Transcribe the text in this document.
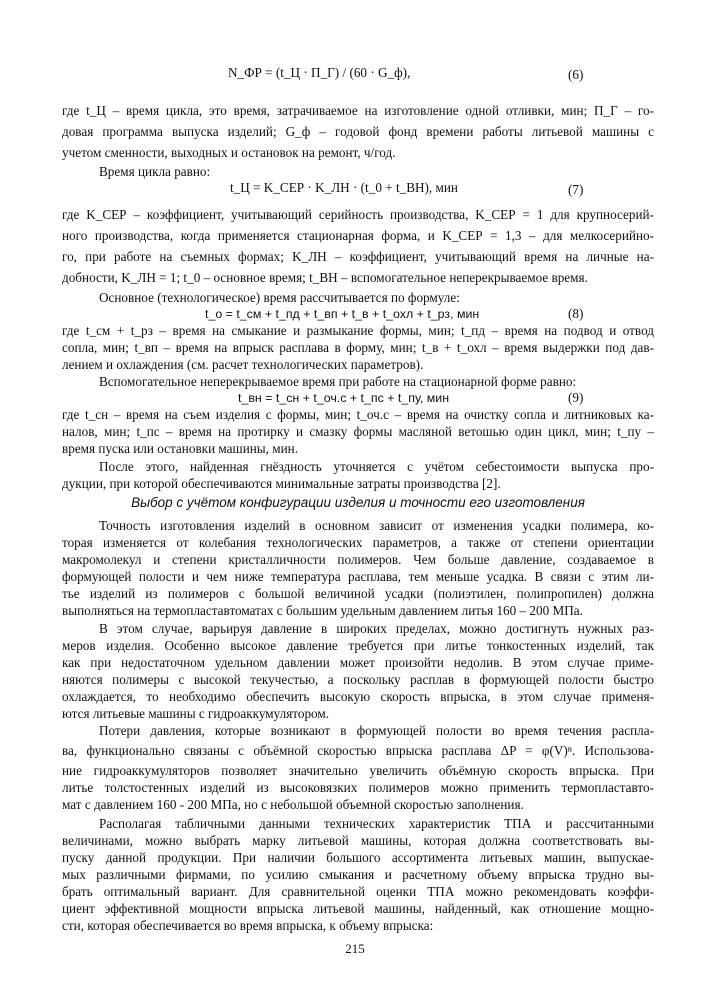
N_ФР = (t_Ц · Π_Г) / (60 · G_ф),	(6)
где t_Ц – время цикла, это время, затрачиваемое на изготовление одной отливки, мин; Π_Г – го-
довая программа выпуска изделий; G_ф – годовой фонд времени работы литьевой машины с
учетом сменности, выходных и остановок на ремонт, ч/год.
Время цикла равно:
t_Ц = K_СЕР · K_ЛН · (t_0 + t_ВН), мин	(7)
где K_СЕР – коэффициент, учитывающий серийность производства, K_СЕР = 1 для крупносерий-
ного производства, когда применяется стационарная форма, и K_СЕР = 1,3 – для мелкосерийно-
го, при работе на съемных формах; K_ЛН – коэффициент, учитывающий время на личные на-
добности, K_ЛН = 1; t_0 – основное время; t_ВН – вспомогательное неперекрываемое время.
Основное (технологическое) время рассчитывается по формуле:
t_о = t_см + t_пд + t_вп + t_в + t_охл + t_рз, мин	(8)
где t_см + t_рз – время на смыкание и размыкание формы, мин; t_пд – время на подвод и отвод
сопла, мин; t_вп – время на впрыск расплава в форму, мин; t_в + t_охл – время выдержки под дав-
лением и охлаждения (см. расчет технологических параметров).
Вспомогательное неперекрываемое время при работе на стационарной форме равно:
t_вн = t_сн + t_оч.с + t_пс + t_пу, мин	(9)
где t_сн – время на съем изделия с формы, мин; t_оч.с – время на очистку сопла и литниковых ка-
налов, мин; t_пс – время на протирку и смазку формы масляной ветошью один цикл, мин; t_пу –
время пуска или остановки машины, мин.
После этого, найденная гнёздность уточняется с учётом себестоимости выпуска про-
дукции, при которой обеспечиваются минимальные затраты производства [2].
Выбор с учётом конфигурации изделия и точности его изготовления
Точность изготовления изделий в основном зависит от изменения усадки полимера, ко-
торая изменяется от колебания технологических параметров, а также от степени ориентации
макромолекул и степени кристалличности полимеров. Чем больше давление, создаваемое в
формующей полости и чем ниже температура расплава, тем меньше усадка. В связи с этим ли-
тье изделий из полимеров с большой величиной усадки (полиэтилен, полипропилен) должна
выполняться на термопластавтоматах с большим удельным давлением литья 160 – 200 МПа.
В этом случае, варьируя давление в широких пределах, можно достигнуть нужных раз-
меров изделия. Особенно высокое давление требуется при литье тонкостенных изделий, так
как при недостаточном удельном давлении может произойти недолив. В этом случае приме-
няются полимеры с высокой текучестью, а поскольку расплав в формующей полости быстро
охлаждается, то необходимо обеспечить высокую скорость впрыска, в этом случае применя-
ются литьевые машины с гидроаккумулятором.
Потери давления, которые возникают в формующей полости во время течения распла-
ва, функционально связаны с объёмной скоростью впрыска расплава ΔP = φ(V)ⁿ. Использова-
ние гидроаккумуляторов позволяет значительно увеличить объёмную скорость впрыска. При
литье толстостенных изделий из высоковязких полимеров можно применить термопластавто-
мат с давлением 160 - 200 МПа, но с небольшой объемной скоростью заполнения.
Располагая табличными данными технических характеристик ТПА и рассчитанными
величинами, можно выбрать марку литьевой машины, которая должна соответствовать вы-
пуску данной продукции. При наличии большого ассортимента литьевых машин, выпускае-
мых различными фирмами, по усилию смыкания и расчетному объему впрыска трудно вы-
брать оптимальный вариант. Для сравнительной оценки ТПА можно рекомендовать коэффи-
циент эффективной мощности впрыска литьевой машины, найденный, как отношение мощно-
сти, которая обеспечивается во время впрыска, к объему впрыска:
215
